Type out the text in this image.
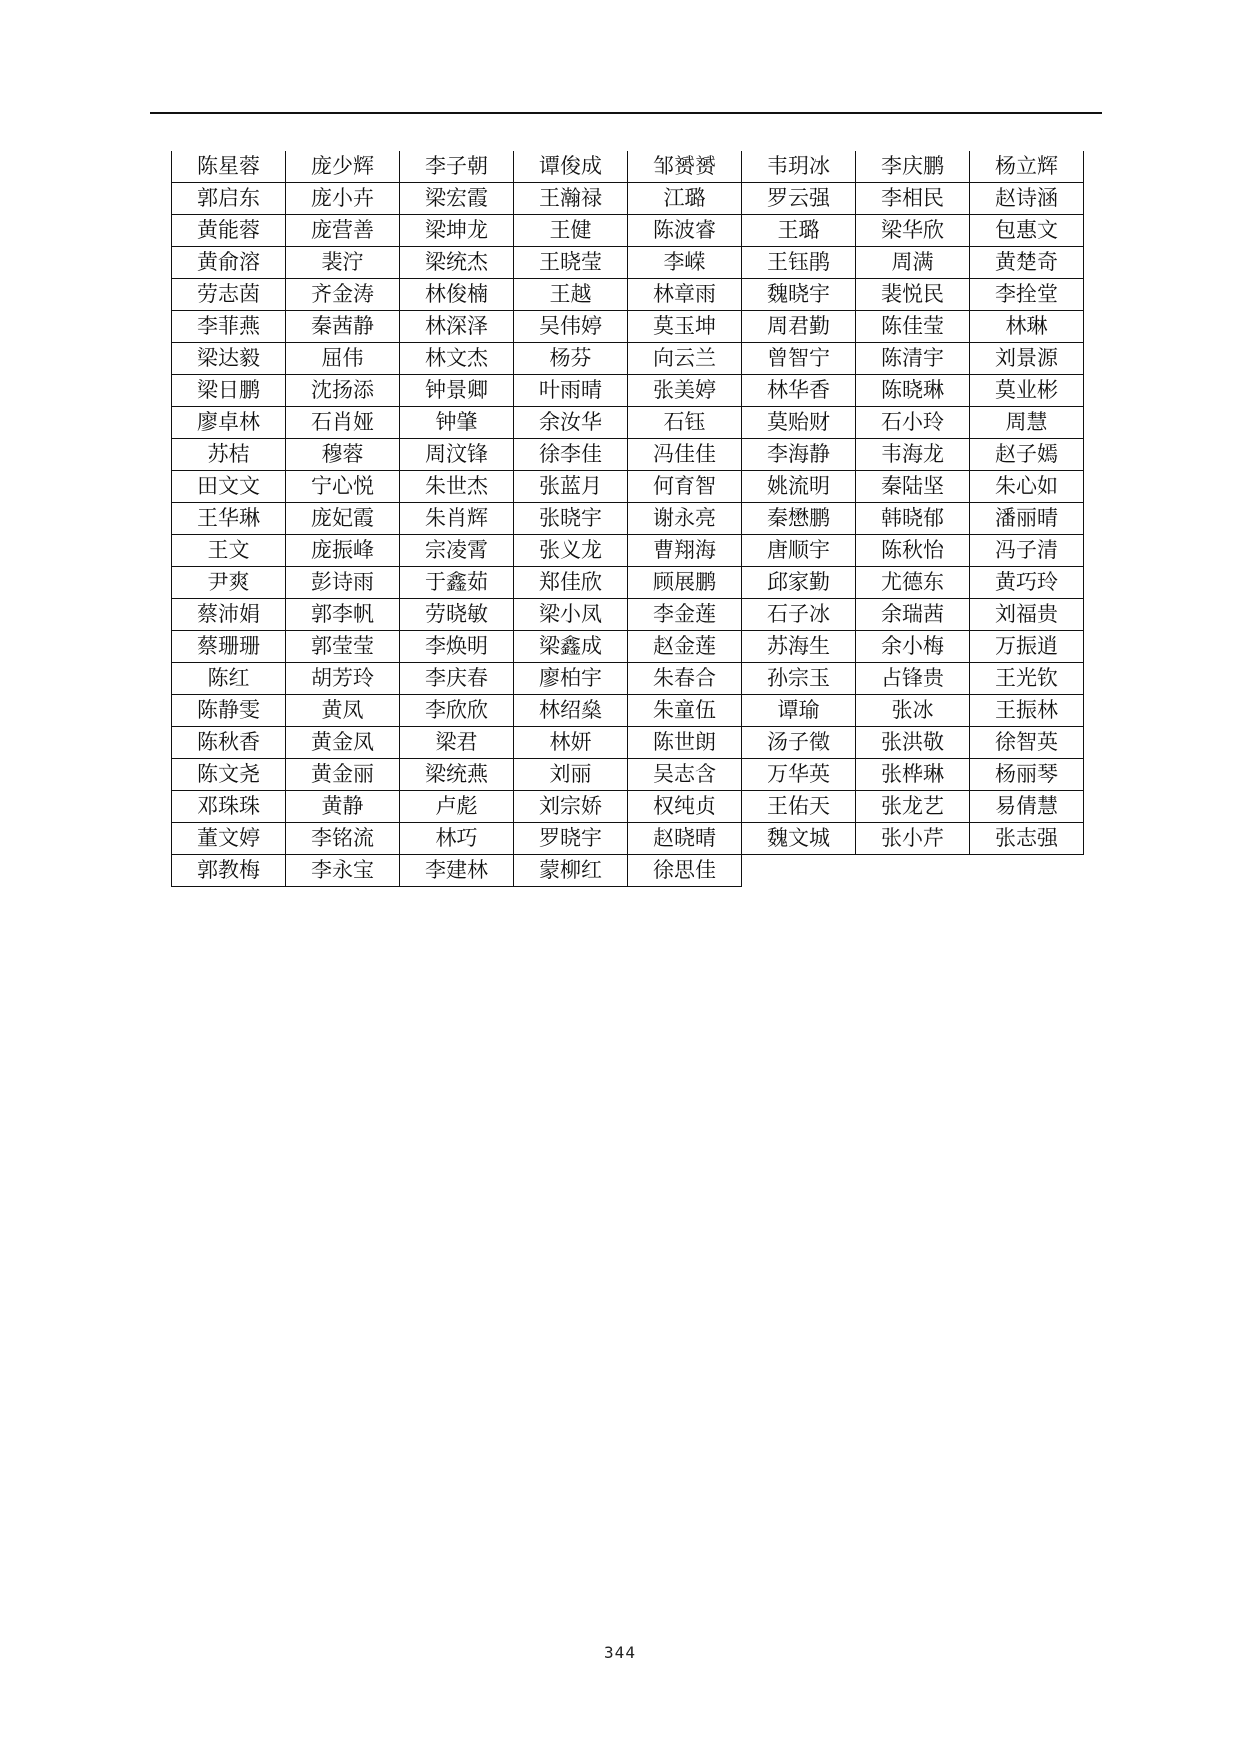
陈星蓉	庞少辉	李子朝	谭俊成	邹赟赟	韦玥冰	李庆鹏	杨立辉
郭启东	庞小卉	梁宏霞	王瀚禄	江璐	罗云强	李相民	赵诗涵
黄能蓉	庞营善	梁坤龙	王健	陈波睿	王璐	梁华欣	包惠文
黄俞溶	裴泞	梁统杰	王晓莹	李嵘	王钰鹃	周满	黄楚奇
劳志茵	齐金涛	林俊楠	王越	林章雨	魏晓宇	裴悦民	李拴堂
李菲燕	秦茜静	林深泽	吴伟婷	莫玉坤	周君勤	陈佳莹	林琳
梁达毅	屈伟	林文杰	杨芬	向云兰	曾智宁	陈清宇	刘景源
梁日鹏	沈扬添	钟景卿	叶雨晴	张美婷	林华香	陈晓琳	莫业彬
廖卓林	石肖娅	钟肇	余汝华	石钰	莫贻财	石小玲	周慧
苏桔	穆蓉	周汶锋	徐李佳	冯佳佳	李海静	韦海龙	赵子嫣
田文文	宁心悦	朱世杰	张蓝月	何育智	姚流明	秦陆坚	朱心如
王华琳	庞妃霞	朱肖辉	张晓宇	谢永亮	秦懋鹏	韩晓郁	潘丽晴
王文	庞振峰	宗凌霄	张义龙	曹翔海	唐顺宇	陈秋怡	冯子清
尹爽	彭诗雨	于鑫茹	郑佳欣	顾展鹏	邱家勤	尤德东	黄巧玲
蔡沛娟	郭李帆	劳晓敏	梁小凤	李金莲	石子冰	余瑞茜	刘福贵
蔡珊珊	郭莹莹	李焕明	梁鑫成	赵金莲	苏海生	余小梅	万振逍
陈红	胡芳玲	李庆春	廖柏宇	朱春合	孙宗玉	占锋贵	王光钦
陈静雯	黄凤	李欣欣	林绍燊	朱童伍	谭瑜	张冰	王振林
陈秋香	黄金凤	梁君	林妍	陈世朗	汤子徵	张洪敬	徐智英
陈文尧	黄金丽	梁统燕	刘丽	吴志含	万华英	张桦琳	杨丽琴
邓珠珠	黄静	卢彪	刘宗娇	权纯贞	王佑天	张龙艺	易倩慧
董文婷	李铭流	林巧	罗晓宇	赵晓晴	魏文城	张小芹	张志强
郭教梅	李永宝	李建林	蒙柳红	徐思佳			
344
